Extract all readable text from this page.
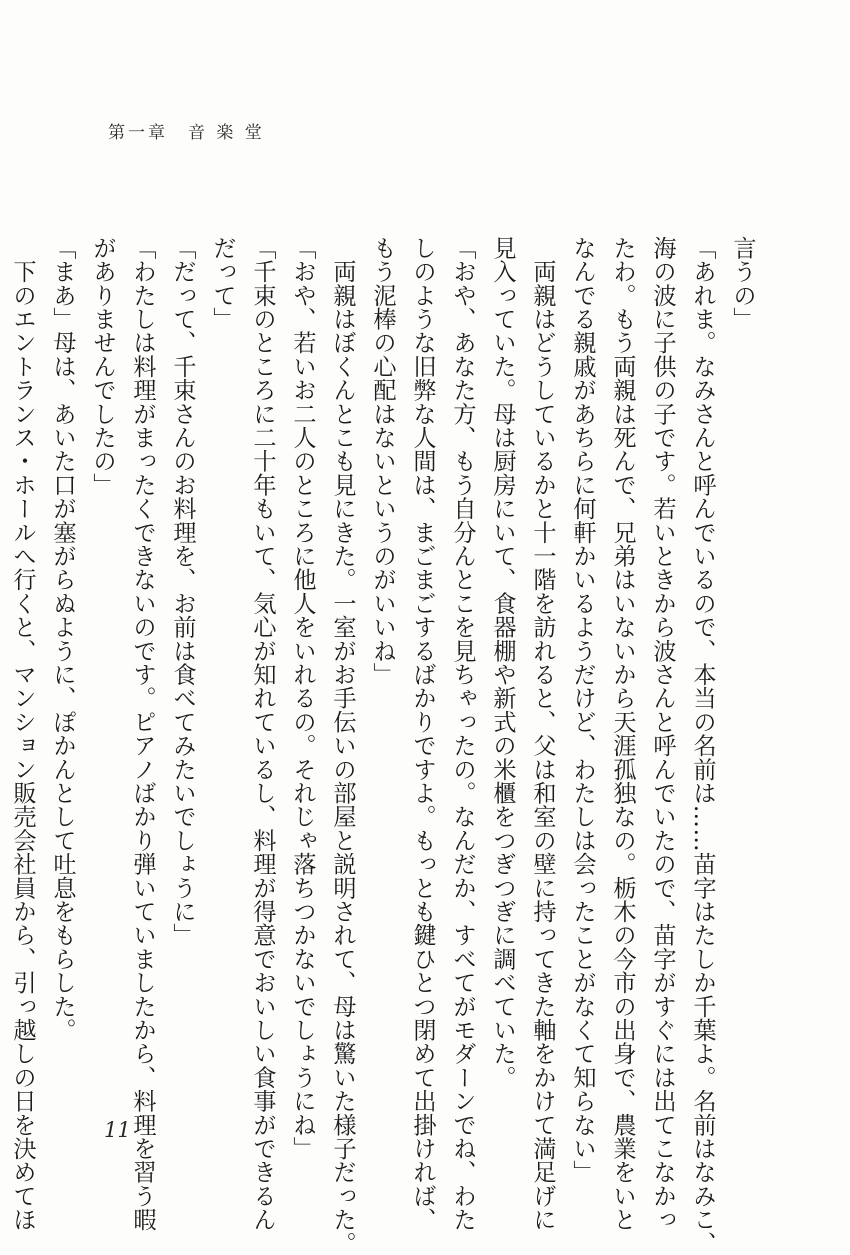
第一章　音 楽 堂

言うの」

「あれま。なみさんと呼んでいるので、本当の名前は……苗字はたしか千葉よ。名前はなみこ、

海の波に子供の子です。若いときから波さんと呼んでいたので、苗字がすぐには出てこなかっ

たわ。もう両親は死んで、兄弟はいないから天涯孤独なの。栃木の今市の出身で、農業をいと

なんでる親戚があちらに何軒かいるようだけど、わたしは会ったことがなくて知らない」

　両親はどうしているかと十一階を訪れると、父は和室の壁に持ってきた軸をかけて満足げに

見入っていた。母は厨房にいて、食器棚や新式の米櫃をつぎつぎに調べていた。

「おや、あなた方、もう自分んとこを見ちゃったの。なんだか、すべてがモダーンでね、わた

しのような旧弊な人間は、まごまごするばかりですよ。もっとも鍵ひとつ閉めて出掛ければ、

もう泥棒の心配はないというのがいいね」

　両親はぼくんとこも見にきた。一室がお手伝いの部屋と説明されて、母は驚いた様子だった。

「おや、若いお二人のところに他人をいれるの。それじゃ落ちつかないでしょうにね」

「千束のところに二十年もいて、気心が知れているし、料理が得意でおいしい食事ができるん

だって」

「だって、千束さんのお料理を、お前は食べてみたいでしょうに」

「わたしは料理がまったくできないのです。ピアノばかり弾いていましたから、料理を習う暇

がありませんでしたの」

「まあ」母は、あいた口が塞がらぬように、ぽかんとして吐息をもらした。

　下のエントランス・ホールへ行くと、マンション販売会社員から、引っ越しの日を決めてほ	11
